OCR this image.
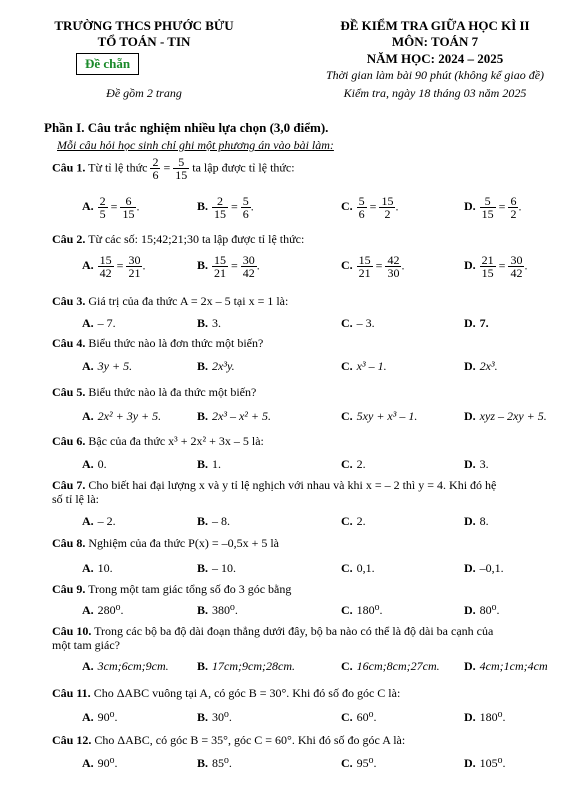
TRƯỜNG THCS PHƯỚC BỬU
TỔ TOÁN - TIN
Đề chẵn
Đề gồm 2 trang
ĐỀ KIỂM TRA GIỮA HỌC KÌ II
MÔN: TOÁN 7
NĂM HỌC: 2024 – 2025
Thời gian làm bài 90 phút (không kể giao đề)
Kiểm tra, ngày 18 tháng 03 năm 2025
Phần I. Câu trắc nghiệm nhiều lựa chọn (3,0 điểm).
Mỗi câu hỏi học sinh chỉ ghi một phương án vào bài làm:
Câu 1. Từ tỉ lệ thức $\frac{2}{6} = \frac{5}{15}$ ta lập được tỉ lệ thức:
A. $\frac{2}{5} = \frac{6}{15}$ .	B. $\frac{2}{15} = \frac{5}{6}$ .	C. $\frac{5}{6} = \frac{15}{2}$ .	D. $\frac{5}{15} = \frac{6}{2}$ .
Câu 2. Từ các số: 15;42;21;30 ta lập được tỉ lệ thức:
A. $\frac{15}{42} = \frac{30}{21}$ .	B. $\frac{15}{21} = \frac{30}{42}$ .	C. $\frac{15}{21} = \frac{42}{30}$ .	D. $\frac{21}{15} = \frac{30}{42}$ .
Câu 3. Giá trị của đa thức A = 2x – 5 tại x = 1 là:
A. – 7.	B. 3.	C. – 3.	D. 7.
Câu 4. Biểu thức nào là đơn thức một biến?
A. 3y + 5.	B. 2x³y.	C. x³ – 1.	D. 2x³.
Câu 5. Biểu thức nào là đa thức một biến?
A. 2x² + 3y + 5.	B. 2x³ – x² + 5.	C. 5xy + x³ – 1.	D. xyz – 2xy + 5.
Câu 6. Bậc của đa thức x³ + 2x² + 3x – 5 là:
A. 0.	B. 1.	C. 2.	D. 3.
Câu 7. Cho biết hai đại lượng x và y tỉ lệ nghịch với nhau và khi x = – 2 thì y = 4. Khi đó hệ
số tỉ lệ là:
A. – 2.	B. – 8.	C. 2.	D. 8.
Câu 8. Nghiệm của đa thức P(x) = –0,5x + 5 là
A. 10.	B. – 10.	C. 0,1.	D. –0,1.
Câu 9. Trong một tam giác tổng số đo 3 góc bằng
A. 280⁰.	B. 380⁰.	C. 180⁰.	D. 80⁰.
Câu 10. Trong các bộ ba độ dài đoạn thẳng dưới đây, bộ ba nào có thể là độ dài ba cạnh của
một tam giác?
A. 3cm;6cm;9cm. B. 17cm;9cm;28cm.	C. 16cm;8cm;27cm. D. 4cm;1cm;4cm
Câu 11. Cho ΔABC vuông tại A, có góc B = 30°. Khi đó số đo góc C là:
A. 90⁰.	B. 30⁰.	C. 60⁰.	D. 180⁰.
Câu 12. Cho ΔABC, có góc B = 35°, góc C = 60°. Khi đó số đo góc A là:
A. 90⁰.	B. 85⁰.	C. 95⁰.	D. 105⁰.
